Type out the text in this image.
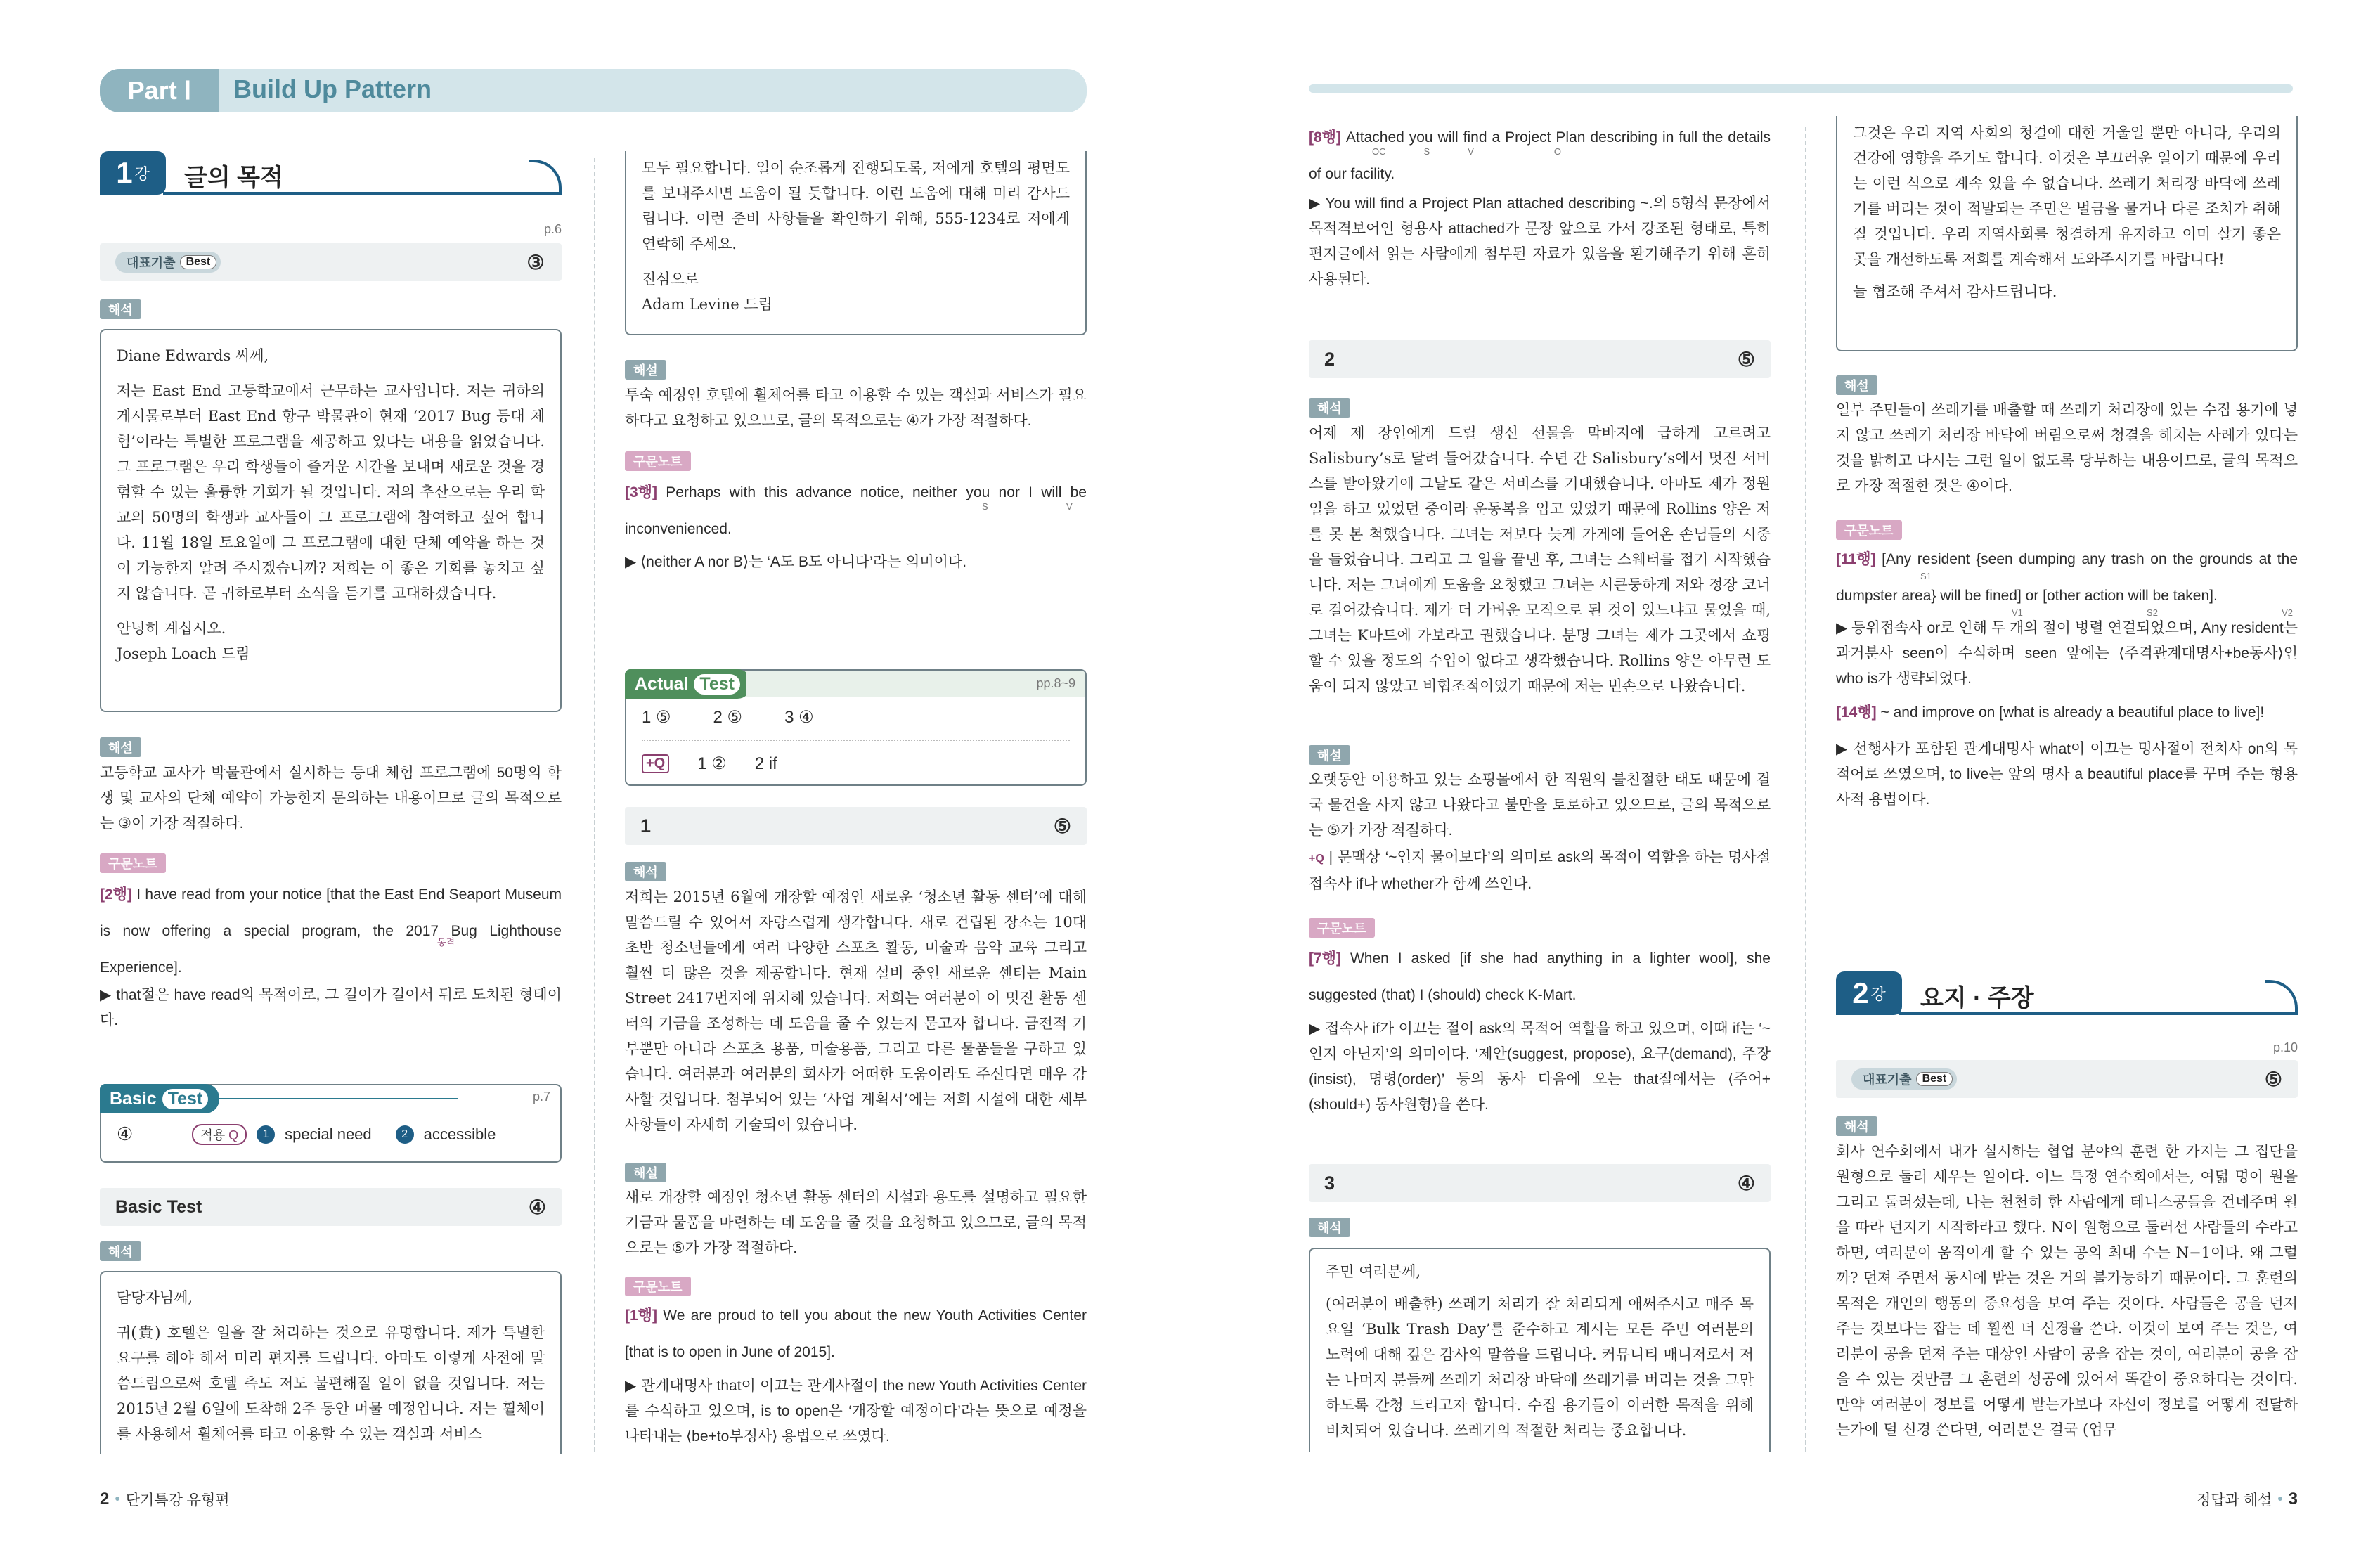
Part Ⅰ Build Up Pattern
1 강 글의 목적
p.6
대표기출 Best	③
해석
Diane Edwards 씨께,
저는 East End 고등학교에서 근무하는 교사입니다. 저는 귀하의 게시물로부터 East End 항구 박물관이 현재 ‘2017 Bug 등대 체험’이라는 특별한 프로그램을 제공하고 있다는 내용을 읽었습니다. 그 프로그램은 우리 학생들이 즐거운 시간을 보내며 새로운 것을 경험할 수 있는 훌륭한 기회가 될 것입니다. 저의 추산으로는 우리 학교의 50명의 학생과 교사들이 그 프로그램에 참여하고 싶어 합니다. 11월 18일 토요일에 그 프로그램에 대한 단체 예약을 하는 것이 가능한지 알려 주시겠습니까? 저희는 이 좋은 기회를 놓치고 싶지 않습니다. 곧 귀하로부터 소식을 듣기를 고대하겠습니다.
안녕히 계십시오.
Joseph Loach 드림
해설
고등학교 교사가 박물관에서 실시하는 등대 체험 프로그램에 50명의 학생 및 교사의 단체 예약이 가능한지 문의하는 내용이므로 글의 목적으로는 ③이 가장 적절하다.
구문노트
[2행] I have read from your notice [that the East End Seaport Museum is now offering a special program, the 2017 Bug Lighthouse Experience].
동격
▶ that절은 have read의 목적어로, 그 길이가 길어서 뒤로 도치된 형태이다.
Basic Test	p.7
④	적용 Q	1	special need	2	accessible
Basic Test	④
해석
담당자님께,
귀(貴) 호텔은 일을 잘 처리하는 것으로 유명합니다. 제가 특별한 요구를 해야 해서 미리 편지를 드립니다. 아마도 이렇게 사전에 말씀드림으로써 호텔 측도 저도 불편해질 일이 없을 것입니다. 저는 2015년 2월 6일에 도착해 2주 동안 머물 예정입니다. 저는 휠체어를 사용해서 휠체어를 타고 이용할 수 있는 객실과 서비스
모두 필요합니다. 일이 순조롭게 진행되도록, 저에게 호텔의 평면도를 보내주시면 도움이 될 듯합니다. 이런 도움에 대해 미리 감사드립니다. 이런 준비 사항들을 확인하기 위해, 555-1234로 저에게 연락해 주세요.
진심으로
Adam Levine 드림
해설
투숙 예정인 호텔에 휠체어를 타고 이용할 수 있는 객실과 서비스가 필요하다고 요청하고 있으므로, 글의 목적으로는 ④가 가장 적절하다.
구문노트
[3행] Perhaps with this advance notice, neither you nor I will be inconvenienced.
S	V
▶ ⟨neither A nor B⟩는 ‘A도 B도 아니다’라는 의미이다.
Actual Test	pp.8~9
1 ⑤	2 ⑤	3 ④
+Q 1 ② 2 if
1	⑤
해석
저희는 2015년 6월에 개장할 예정인 새로운 ‘청소년 활동 센터’에 대해 말씀드릴 수 있어서 자랑스럽게 생각합니다. 새로 건립된 장소는 10대 초반 청소년들에게 여러 다양한 스포츠 활동, 미술과 음악 교육 그리고 훨씬 더 많은 것을 제공합니다. 현재 설비 중인 새로운 센터는 Main Street 2417번지에 위치해 있습니다. 저희는 여러분이 이 멋진 활동 센터의 기금을 조성하는 데 도움을 줄 수 있는지 묻고자 합니다. 금전적 기부뿐만 아니라 스포츠 용품, 미술용품, 그리고 다른 물품들을 구하고 있습니다. 여러분과 여러분의 회사가 어떠한 도움이라도 주신다면 매우 감사할 것입니다. 첨부되어 있는 ‘사업 계획서’에는 저희 시설에 대한 세부 사항들이 자세히 기술되어 있습니다.
해설
새로 개장할 예정인 청소년 활동 센터의 시설과 용도를 설명하고 필요한 기금과 물품을 마련하는 데 도움을 줄 것을 요청하고 있으므로, 글의 목적으로는 ⑤가 가장 적절하다.
구문노트
[1행] We are proud to tell you about the new Youth Activities Center [that is to open in June of 2015].
▶ 관계대명사 that이 이끄는 관계사절이 the new Youth Activities Center를 수식하고 있으며, is to open은 ‘개장할 예정이다’라는 뜻으로 예정을 나타내는 ⟨be+to부정사⟩ 용법으로 쓰였다.
[8행] Attached you will find a Project Plan describing in full the details of our facility.
OC	S	V	O
▶ You will find a Project Plan attached describing ~.의 5형식 문장에서 목적격보어인 형용사 attached가 문장 앞으로 가서 강조된 형태로, 특히 편지글에서 읽는 사람에게 첨부된 자료가 있음을 환기해주기 위해 흔히 사용된다.
2	⑤
해석
어제 제 장인에게 드릴 생신 선물을 막바지에 급하게 고르려고 Salisbury’s로 달려 들어갔습니다. 수년 간 Salisbury’s에서 멋진 서비스를 받아왔기에 그날도 같은 서비스를 기대했습니다. 아마도 제가 정원 일을 하고 있었던 중이라 운동복을 입고 있었기 때문에 Rollins 양은 저를 못 본 척했습니다. 그녀는 저보다 늦게 가게에 들어온 손님들의 시중을 들었습니다. 그리고 그 일을 끝낸 후, 그녀는 스웨터를 접기 시작했습니다. 저는 그녀에게 도움을 요청했고 그녀는 시큰둥하게 저와 정장 코너로 걸어갔습니다. 제가 더 가벼운 모직으로 된 것이 있느냐고 물었을 때, 그녀는 K마트에 가보라고 권했습니다. 분명 그녀는 제가 그곳에서 쇼핑할 수 있을 정도의 수입이 없다고 생각했습니다. Rollins 양은 아무런 도움이 되지 않았고 비협조적이었기 때문에 저는 빈손으로 나왔습니다.
해설
오랫동안 이용하고 있는 쇼핑몰에서 한 직원의 불친절한 태도 때문에 결국 물건을 사지 않고 나왔다고 불만을 토로하고 있으므로, 글의 목적으로는 ⑤가 가장 적절하다.
+Q | 문맥상 ‘~인지 물어보다’의 의미로 ask의 목적어 역할을 하는 명사절 접속사 if나 whether가 함께 쓰인다.
구문노트
[7행] When I asked [if she had anything in a lighter wool], she suggested (that) I (should) check K-Mart.
▶ 접속사 if가 이끄는 절이 ask의 목적어 역할을 하고 있으며, 이때 if는 ‘~인지 아닌지’의 의미이다. ‘제안(suggest, propose), 요구(demand), 주장(insist), 명령(order)’ 등의 동사 다음에 오는 that절에서는 ⟨주어+(should+) 동사원형⟩을 쓴다.
3	④
해석
주민 여러분께,
(여러분이 배출한) 쓰레기 처리가 잘 처리되게 애써주시고 매주 목요일 ‘Bulk Trash Day’를 준수하고 계시는 모든 주민 여러분의 노력에 대해 깊은 감사의 말씀을 드립니다. 커뮤니티 매니저로서 저는 나머지 분들께 쓰레기 처리장 바닥에 쓰레기를 버리는 것을 그만하도록 간청 드리고자 합니다. 수집 용기들이 이러한 목적을 위해 비치되어 있습니다. 쓰레기의 적절한 처리는 중요합니다.
그것은 우리 지역 사회의 청결에 대한 거울일 뿐만 아니라, 우리의 건강에 영향을 주기도 합니다. 이것은 부끄러운 일이기 때문에 우리는 이런 식으로 계속 있을 수 없습니다. 쓰레기 처리장 바닥에 쓰레기를 버리는 것이 적발되는 주민은 벌금을 물거나 다른 조치가 취해질 것입니다. 우리 지역사회를 청결하게 유지하고 이미 살기 좋은 곳을 개선하도록 저희를 계속해서 도와주시기를 바랍니다!
늘 협조해 주셔서 감사드립니다.
해설
일부 주민들이 쓰레기를 배출할 때 쓰레기 처리장에 있는 수집 용기에 넣지 않고 쓰레기 처리장 바닥에 버림으로써 청결을 해치는 사례가 있다는 것을 밝히고 다시는 그런 일이 없도록 당부하는 내용이므로, 글의 목적으로 가장 적절한 것은 ④이다.
구문노트
[11행] [Any resident {seen dumping any trash on the grounds at the dumpster area} will be fined] or [other action will be taken].
S1
V1	S2	V2
▶ 등위접속사 or로 인해 두 개의 절이 병렬 연결되었으며, Any resident는 과거분사 seen이 수식하며 seen 앞에는 ⟨주격관계대명사+be동사⟩인 who is가 생략되었다.
[14행] ~ and improve on [what is already a beautiful place to live]!
▶ 선행사가 포함된 관계대명사 what이 이끄는 명사절이 전치사 on의 목적어로 쓰였으며, to live는 앞의 명사 a beautiful place를 꾸며 주는 형용사적 용법이다.
2 강 요지 · 주장
p.10
대표기출 Best	⑤
해석
회사 연수회에서 내가 실시하는 협업 분야의 훈련 한 가지는 그 집단을 원형으로 둘러 세우는 일이다. 어느 특정 연수회에서는, 여덟 명이 원을 그리고 둘러섰는데, 나는 천천히 한 사람에게 테니스공들을 건네주며 원을 따라 던지기 시작하라고 했다. N이 원형으로 둘러선 사람들의 수라고 하면, 여러분이 움직이게 할 수 있는 공의 최대 수는 N−1이다. 왜 그럴까? 던져 주면서 동시에 받는 것은 거의 불가능하기 때문이다. 그 훈련의 목적은 개인의 행동의 중요성을 보여 주는 것이다. 사람들은 공을 던져 주는 것보다는 잡는 데 훨씬 더 신경을 쓴다. 이것이 보여 주는 것은, 여러분이 공을 던져 주는 대상인 사람이 공을 잡는 것이, 여러분이 공을 잡을 수 있는 것만큼 그 훈련의 성공에 있어서 똑같이 중요하다는 것이다. 만약 여러분이 정보를 어떻게 받는가보다 자신이 정보를 어떻게 전달하는가에 덜 신경 쓴다면, 여러분은 결국 (업무
2 • 단기특강 유형편	정답과 해설 • 3
